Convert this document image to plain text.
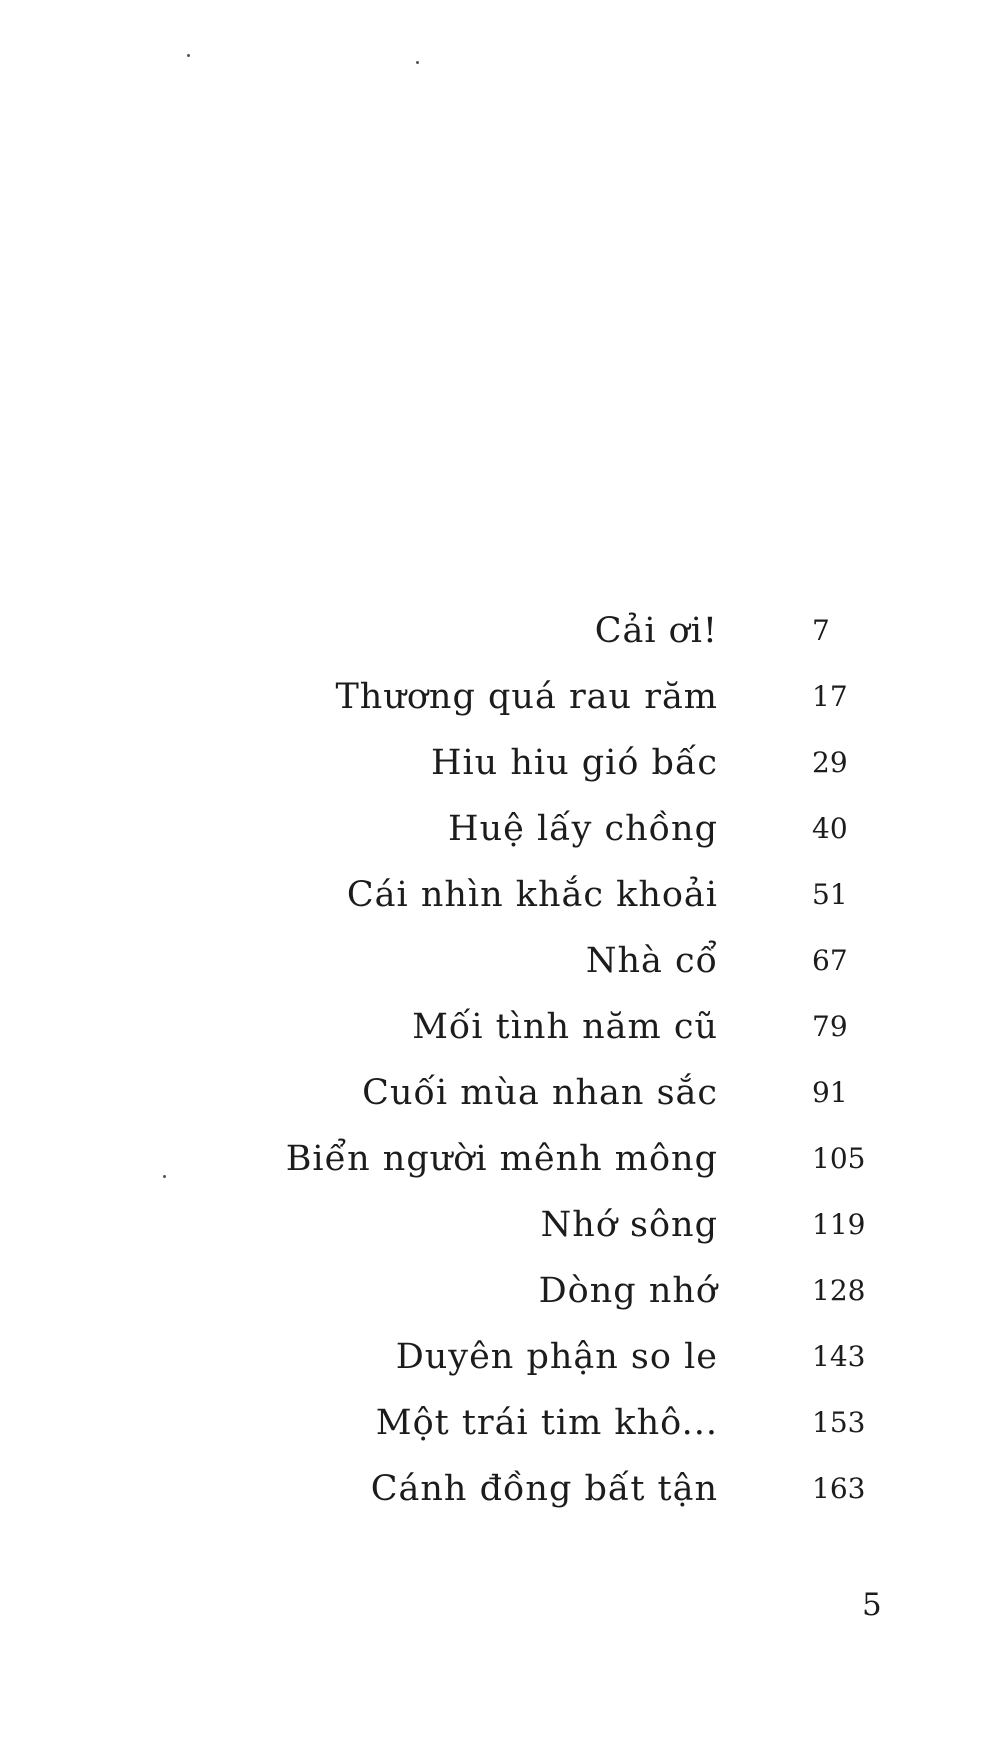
Cải ơi!	7
Thương quá rau răm	17
Hiu hiu gió bấc	29
Huệ lấy chồng	40
Cái nhìn khắc khoải	51
Nhà cổ	67
Mối tình năm cũ	79
Cuối mùa nhan sắc	91
Biển người mênh mông	105
Nhớ sông	119
Dòng nhớ	128
Duyên phận so le	143
Một trái tim khô...	153
Cánh đồng bất tận	163
5
